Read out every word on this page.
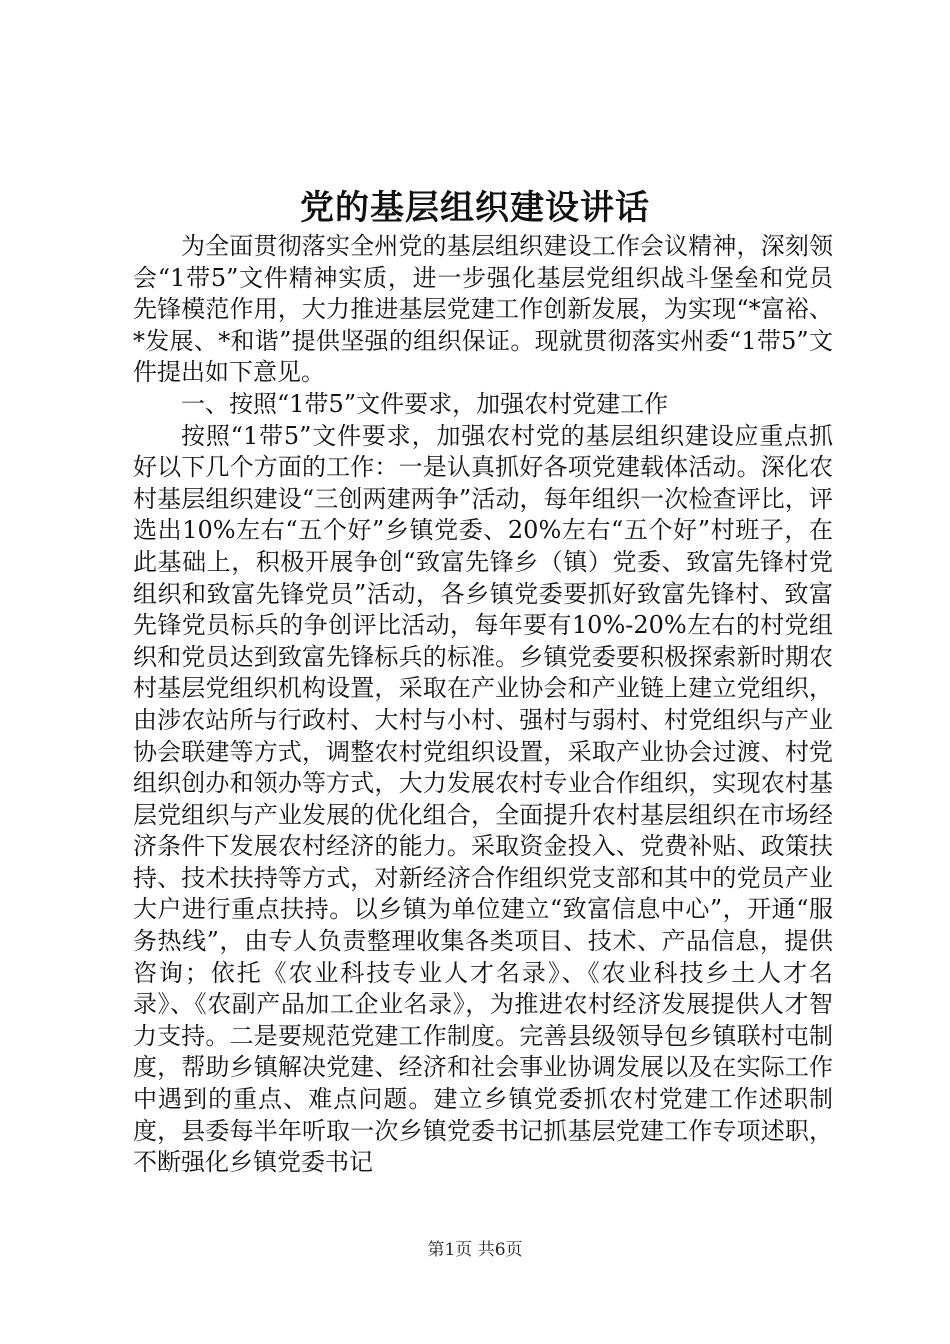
党的基层组织建设讲话

为全面贯彻落实全州党的基层组织建设工作会议精神，深刻领会“1带5”文件精神实质，进一步强化基层党组织战斗堡垒和党员先锋模范作用，大力推进基层党建工作创新发展，为实现“*富裕、*发展、*和谐”提供坚强的组织保证。现就贯彻落实州委“1带5”文件提出如下意见。

一、按照“1带5”文件要求，加强农村党建工作

按照“1带5”文件要求，加强农村党的基层组织建设应重点抓好以下几个方面的工作：一是认真抓好各项党建载体活动。深化农村基层组织建设“三创两建两争”活动，每年组织一次检查评比，评选出10%左右“五个好”乡镇党委、20%左右“五个好”村班子，在此基础上，积极开展争创“致富先锋乡（镇）党委、致富先锋村党组织和致富先锋党员”活动，各乡镇党委要抓好致富先锋村、致富先锋党员标兵的争创评比活动，每年要有10%-20%左右的村党组织和党员达到致富先锋标兵的标准。乡镇党委要积极探索新时期农村基层党组织机构设置，采取在产业协会和产业链上建立党组织，由涉农站所与行政村、大村与小村、强村与弱村、村党组织与产业协会联建等方式，调整农村党组织设置，采取产业协会过渡、村党组织创办和领办等方式，大力发展农村专业合作组织，实现农村基层党组织与产业发展的优化组合，全面提升农村基层组织在市场经济条件下发展农村经济的能力。采取资金投入、党费补贴、政策扶持、技术扶持等方式，对新经济合作组织党支部和其中的党员产业大户进行重点扶持。以乡镇为单位建立“致富信息中心”，开通“服务热线”，由专人负责整理收集各类项目、技术、产品信息，提供咨询；依托《农业科技专业人才名录》、《农业科技乡土人才名录》、《农副产品加工企业名录》，为推进农村经济发展提供人才智力支持。二是要规范党建工作制度。完善县级领导包乡镇联村屯制度，帮助乡镇解决党建、经济和社会事业协调发展以及在实际工作中遇到的重点、难点问题。建立乡镇党委抓农村党建工作述职制度，县委每半年听取一次乡镇党委书记抓基层党建工作专项述职，不断强化乡镇党委书记

第1页 共6页
